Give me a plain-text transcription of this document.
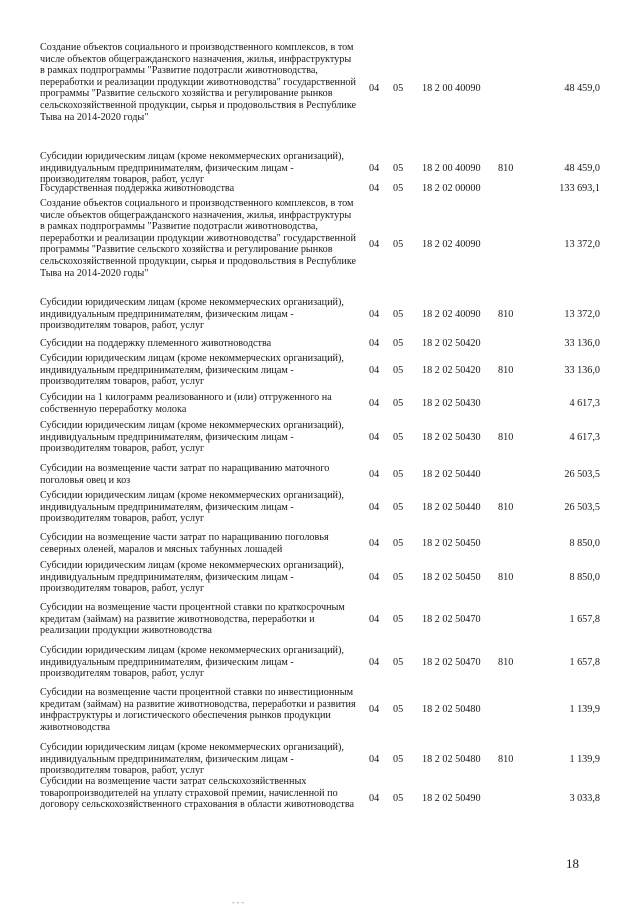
Создание объектов социального и производственного комплексов, в том числе объектов общегражданского назначения, жилья, инфраструктуры в рамках подпрограммы "Развитие подотрасли животноводства, переработки и реализации продукции животноводства" государственной программы "Развитие сельского хозяйства и регулирование рынков сельскохозяйственной продукции, сырья и продовольствия в Республике Тыва на 2014-2020 годы"
04	05	18 2 00 40090	48 459,0
Субсидии юридическим лицам (кроме некоммерческих организаций), индивидуальным предпринимателям, физическим лицам - производителям товаров, работ, услуг
04	05	18 2 00 40090	810	48 459,0
Государственная поддержка животноводства	04	05	18 2 02 00000	133 693,1
Создание объектов социального и производственного комплексов, в том числе объектов общегражданского назначения, жилья, инфраструктуры в рамках подпрограммы "Развитие подотрасли животноводства, переработки и реализации продукции животноводства" государственной программы "Развитие сельского хозяйства и регулирование рынков сельскохозяйственной продукции, сырья и продовольствия в Республике Тыва на 2014-2020 годы"
04	05	18 2 02 40090	13 372,0
Субсидии юридическим лицам (кроме некоммерческих организаций), индивидуальным предпринимателям, физическим лицам - производителям товаров, работ, услуг
04	05	18 2 02 40090	810	13 372,0
Субсидии на поддержку племенного животноводства	04	05	18 2 02 50420	33 136,0
Субсидии юридическим лицам (кроме некоммерческих организаций), индивидуальным предпринимателям, физическим лицам - производителям товаров, работ, услуг
04	05	18 2 02 50420	810	33 136,0
Субсидии на 1 килограмм реализованного и (или) отгруженного на собственную переработку молока
04	05	18 2 02 50430	4 617,3
Субсидии юридическим лицам (кроме некоммерческих организаций), индивидуальным предпринимателям, физическим лицам - производителям товаров, работ, услуг
04	05	18 2 02 50430	810	4 617,3
Субсидии на возмещение части затрат по наращиванию маточного поголовья овец и коз
04	05	18 2 02 50440	26 503,5
Субсидии юридическим лицам (кроме некоммерческих организаций), индивидуальным предпринимателям, физическим лицам - производителям товаров, работ, услуг
04	05	18 2 02 50440	810	26 503,5
Субсидии на возмещение части затрат по наращиванию поголовья северных оленей, маралов и мясных табунных лошадей
04	05	18 2 02 50450	8 850,0
Субсидии юридическим лицам (кроме некоммерческих организаций), индивидуальным предпринимателям, физическим лицам - производителям товаров, работ, услуг
04	05	18 2 02 50450	810	8 850,0
Субсидии на возмещение части процентной ставки по краткосрочным кредитам (займам) на развитие животноводства, переработки и реализации продукции животноводства
04	05	18 2 02 50470	1 657,8
Субсидии юридическим лицам (кроме некоммерческих организаций), индивидуальным предпринимателям, физическим лицам - производителям товаров, работ, услуг
04	05	18 2 02 50470	810	1 657,8
Субсидии на возмещение части процентной ставки по инвестиционным кредитам (займам) на развитие животноводства, переработки и развития инфраструктуры и логистического обеспечения рынков продукции животноводства
04	05	18 2 02 50480	1 139,9
Субсидии юридическим лицам (кроме некоммерческих организаций), индивидуальным предпринимателям, физическим лицам - производителям товаров, работ, услуг
04	05	18 2 02 50480	810	1 139,9
Субсидии на возмещение части затрат сельскохозяйственных товаропроизводителей на уплату страховой премии, начисленной по договору сельскохозяйственного страхования в области животноводства
04	05	18 2 02 50490	3 033,8
18
- - -
